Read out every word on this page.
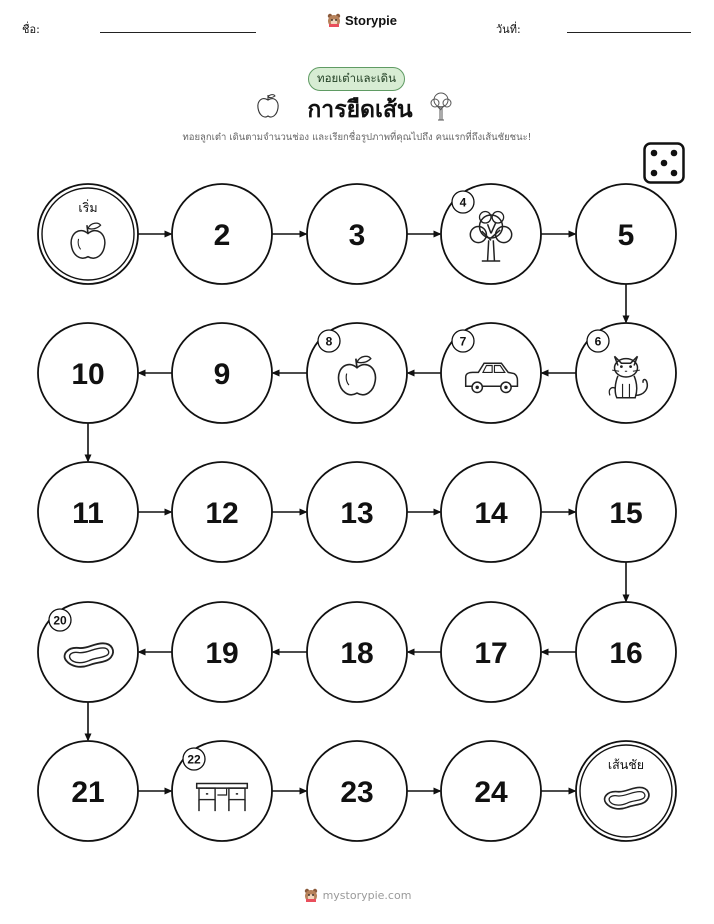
ชื่อ:
Storypie
วันที่:
ทอยเต๋าและเดิน
การยืดเส้น
ทอยลูกเต๋า เดินตามจำนวนช่อง และเรียกชื่อรูปภาพที่คุณไปถึง คนแรกที่ถึงเส้นชัยชนะ!
เริ่ม
2	3
4
5
6
7
8
9
10
11	12	13	14	15
16
17
18
19
20
21
22
23	24
เส้นชัย
mystorypie.com
